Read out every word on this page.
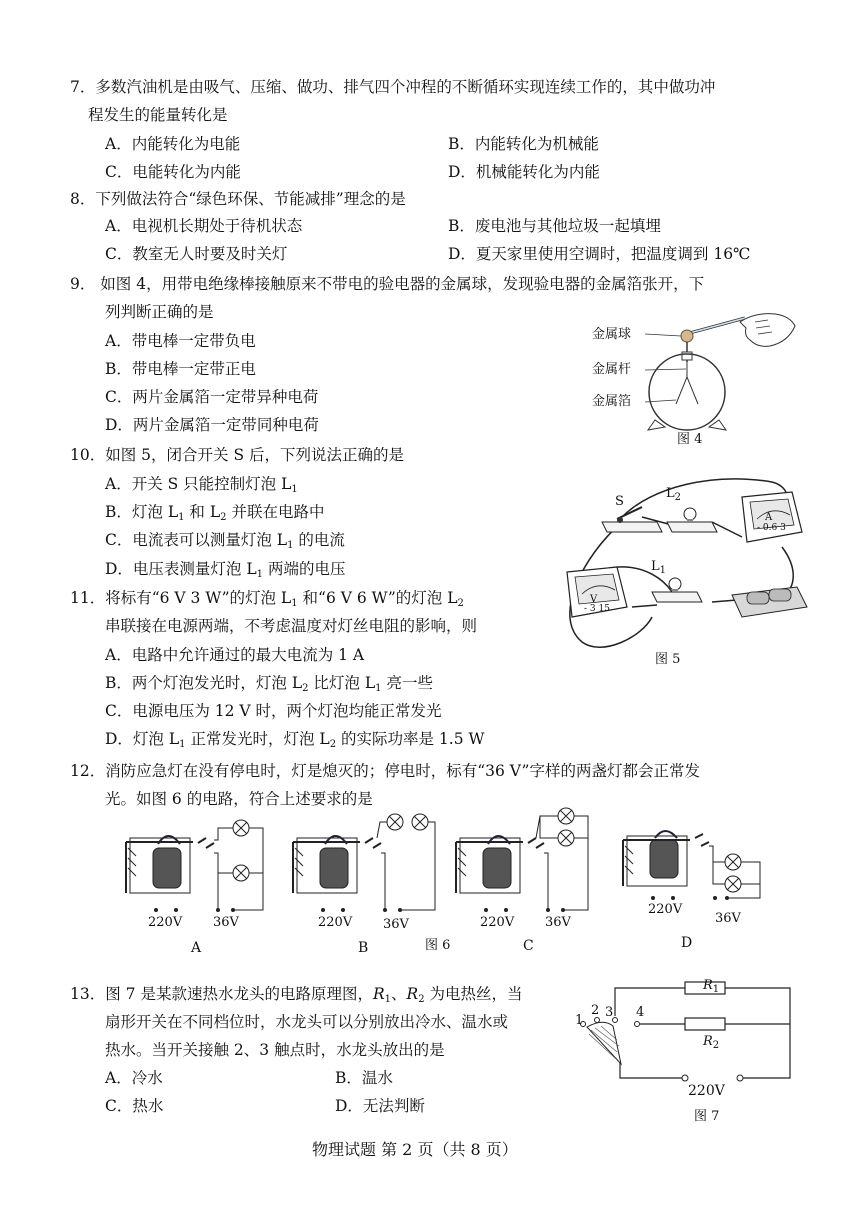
7．多数汽油机是由吸气、压缩、做功、排气四个冲程的不断循环实现连续工作的，其中做功冲
程发生的能量转化是
A．内能转化为电能	B．内能转化为机械能
C．电能转化为内能	D．机械能转化为内能
8．下列做法符合“绿色环保、节能减排”理念的是
A．电视机长期处于待机状态	B．废电池与其他垃圾一起填埋
C．教室无人时要及时关灯	D．夏天家里使用空调时，把温度调到 16℃
9． 如图 4，用带电绝缘棒接触原来不带电的验电器的金属球，发现验电器的金属箔张开，下
列判断正确的是
A．带电棒一定带负电
B．带电棒一定带正电
C．两片金属箔一定带异种电荷
D．两片金属箔一定带同种电荷
金属球
金属杆
金属箔
图 4
10．如图 5，闭合开关 S 后，下列说法正确的是
A．开关 S 只能控制灯泡 $L_1$
B．灯泡 $L_1$ 和 $L_2$ 并联在电路中
C．电流表可以测量灯泡 $L_1$ 的电流
D．电压表测量灯泡 $L_1$ 两端的电压
S
$L_2$
$L_1$
A
- 0.6 3
V
- 3 15
图 5
11．将标有“6 V 3 W”的灯泡 $L_1$ 和“6 V 6 W”的灯泡 $L_2$
串联接在电源两端，不考虑温度对灯丝电阻的影响，则
A．电路中允许通过的最大电流为 1 A
B．两个灯泡发光时，灯泡 $L_2$ 比灯泡 $L_1$ 亮一些
C．电源电压为 12 V 时，两个灯泡均能正常发光
D．灯泡 $L_1$ 正常发光时，灯泡 $L_2$ 的实际功率是 1.5 W
12．消防应急灯在没有停电时，灯是熄灭的；停电时，标有“36 V”字样的两盏灯都会正常发
光。如图 6 的电路，符合上述要求的是
220V 36V	220V 36V	220V 36V
220V
36V
A	B	图 6	C	D
13．图 7 是某款速热水龙头的电路原理图，$R_1$、$R_2$ 为电热丝，当
扇形开关在不同档位时，水龙头可以分别放出冷水、温水或
热水。当开关接触 2、3 触点时，水龙头放出的是
A．冷水	B．温水
C．热水	D．无法判断
$R_1$
$R_2$
1
2 3 4
220V
图 7
物理试题 第 2 页（共 8 页）
